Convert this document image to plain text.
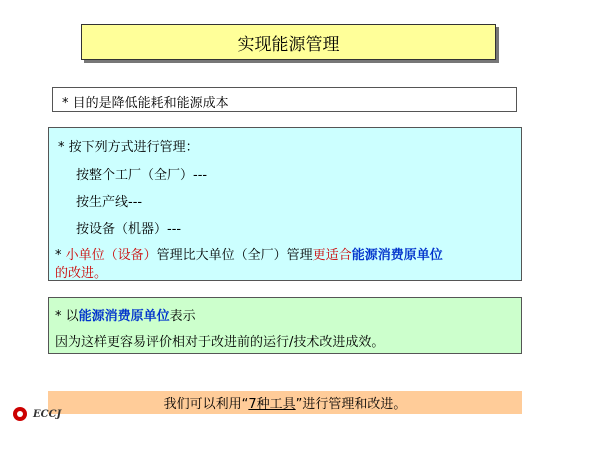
实现能源管理
* 目的是降低能耗和能源成本
* 按下列方式进行管理：
按整个工厂（全厂）---
按生产线---
按设备（机器）---
* 小单位（设备）管理比大单位（全厂）管理更适合能源消费原单位
的改进。
* 以能源消费原单位表示
因为这样更容易评价相对于改进前的运行/技术改进成效。
我们可以利用“ 7种工具 ”进行管理和改进。
ECCJ
